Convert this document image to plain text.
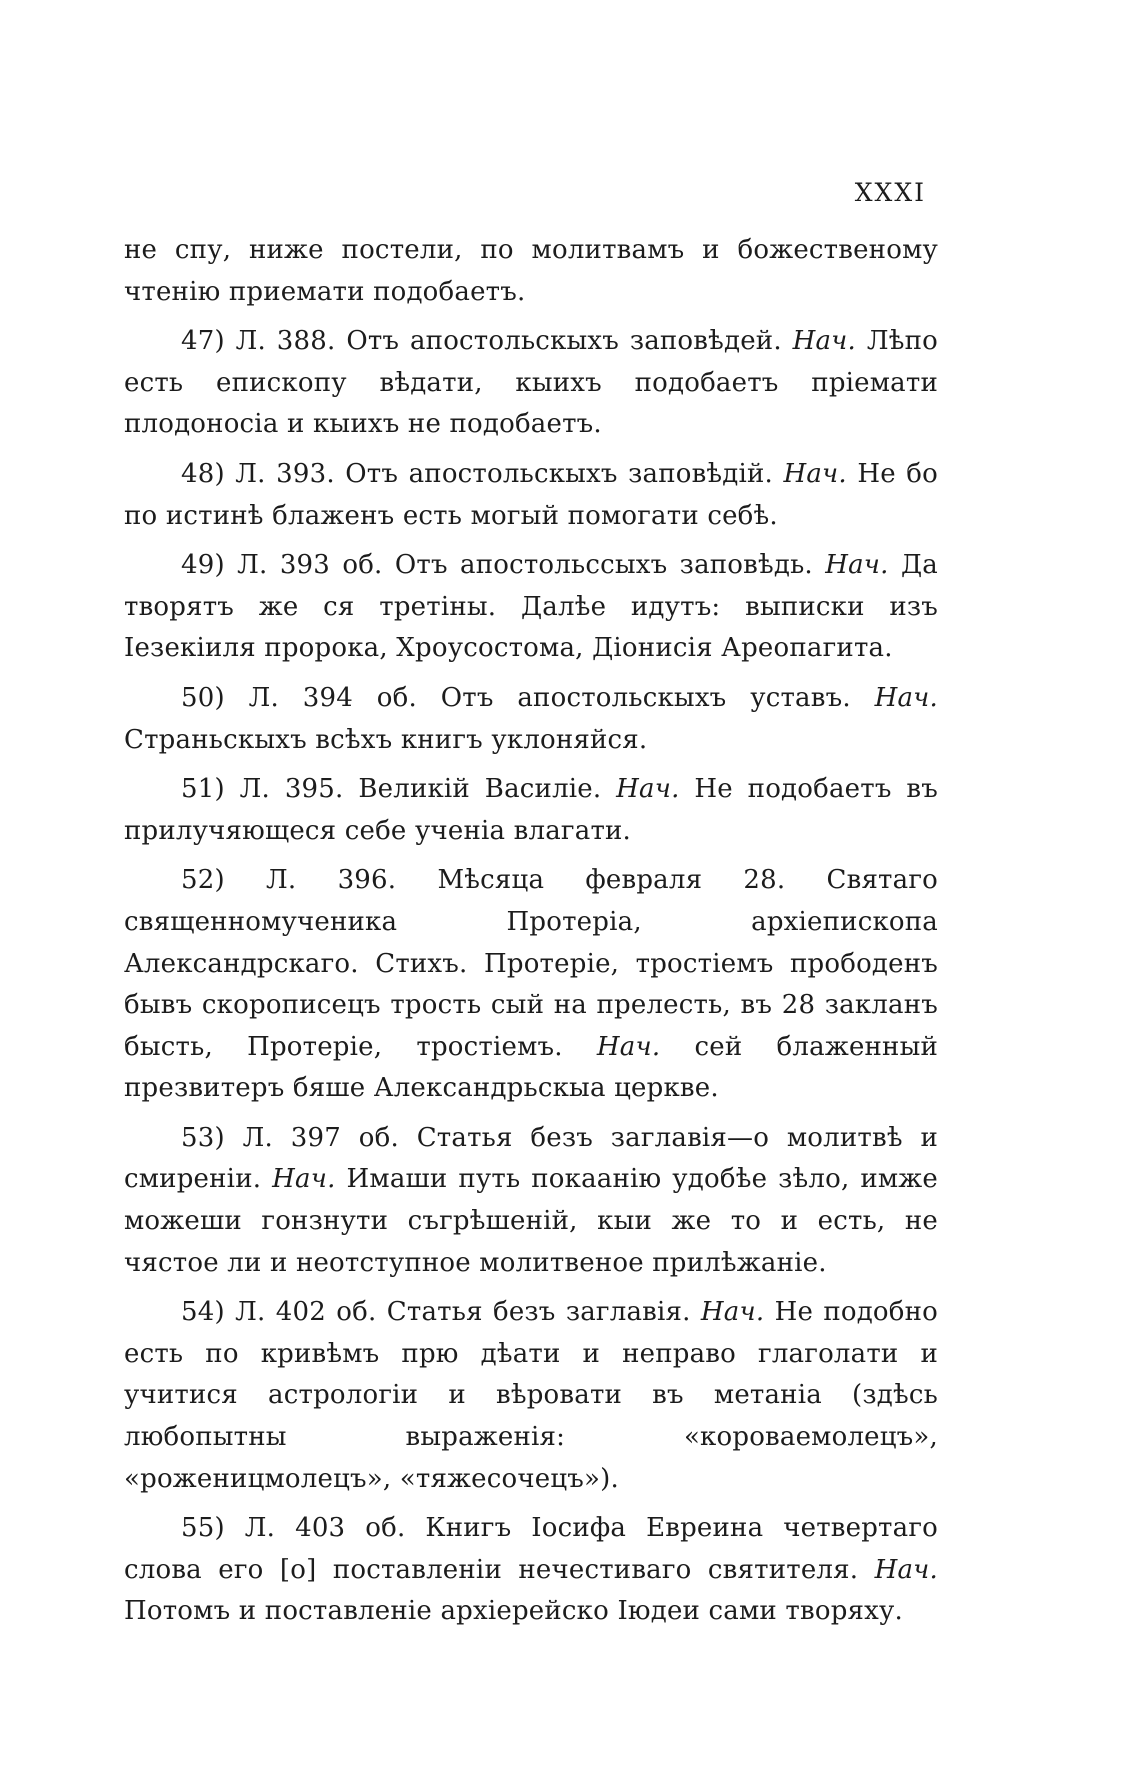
XXXI

не спу, ниже постели, по молитвамъ и божественому чтенiю приемати подобаетъ.

47) Л. 388. Отъ апостольскыхъ заповѣдей. Нач. Лѣпо есть епископу вѣдати, кыихъ подобаетъ прiемати плодоносiа и кыихъ не подобаетъ.

48) Л. 393. Отъ апостольскыхъ заповѣдiй. Нач. Не бо по истинѣ блаженъ есть могый помогати себѣ.

49) Л. 393 об. Отъ апостольсcыхъ заповѣдь. Нач. Да творятъ же ся третiны. Далѣе идутъ: выписки изъ Iезекiиля пророка, Хроусостома, Дiонисiя Ареопагита.

50) Л. 394 об. Отъ апостольскыхъ уставъ. Нач. Страньскыхъ всѣхъ книгъ уклоняйся.

51) Л. 395. Великiй Василiе. Нач. Не подобаетъ въ прилучяющеся себе ученiа влагати.

52) Л. 396. Мѣсяца февраля 28. Святаго священномученика Протерiа, архiепископа Александрскаго. Стихъ. Протерiе, тростiемъ прободенъ бывъ скорописецъ трость сый на прелесть, въ 28 закланъ бысть, Протерiе, тростiемъ. Нач. сей блаженный презвитеръ бяше Александрьскыа церкве.

53) Л. 397 об. Статья безъ заглавiя—о молитвѣ и смиренiи. Нач. Имаши путь покаанiю удобѣе зѣло, имже можеши гонзнути съгрѣшенiй, кыи же то и есть, не чястое ли и неотступное молитвеное прилѣжанiе.

54) Л. 402 об. Статья безъ заглавiя. Нач. Не подобно есть по кривѣмъ прю дѣати и неправо глаголати и учитися астрологiи и вѣровати въ метанiа (здѣсь любопытны выраженiя: «короваемолецъ», «роженицмолецъ», «тяжесочецъ»).

55) Л. 403 об. Книгъ Iосифа Евреина четвертаго слова его [о] поставленiи нечестиваго святителя. Нач. Потомъ и поставленiе архiерейско Iюдеи сами творяху.
